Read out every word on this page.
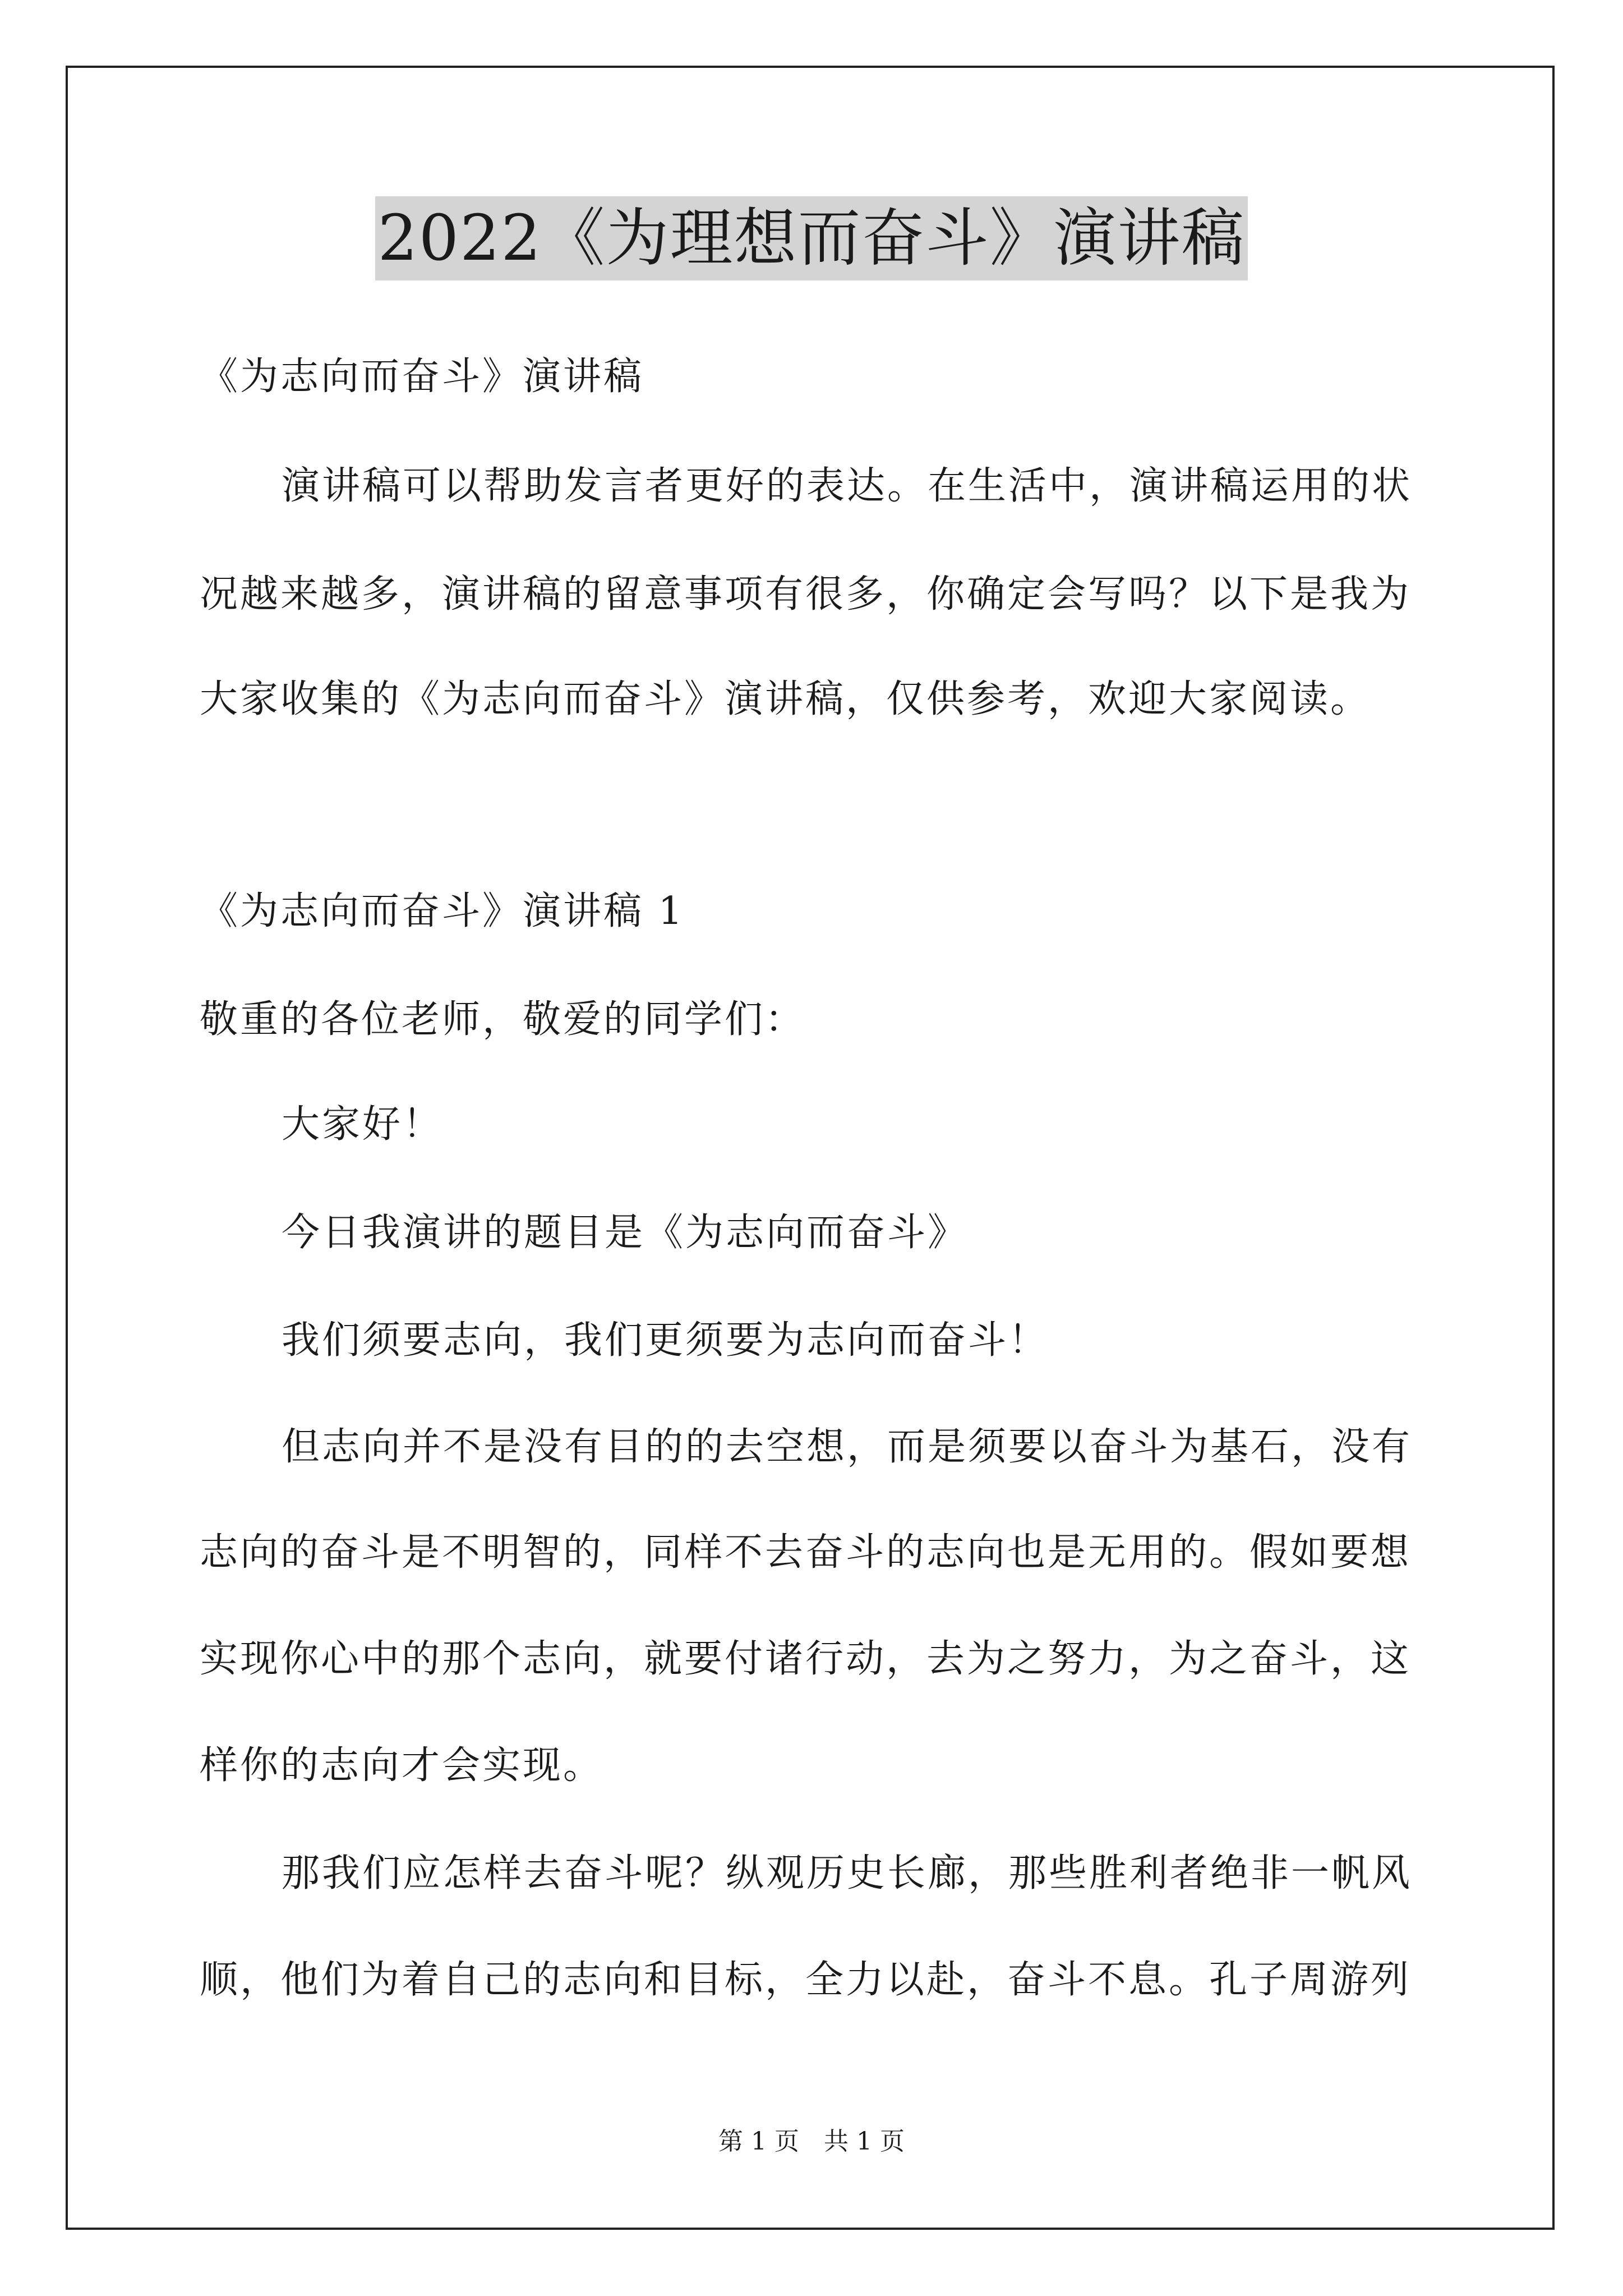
2022《为理想而奋斗》演讲稿
《为志向而奋斗》演讲稿
演讲稿可以帮助发言者更好的表达。在生活中，演讲稿运用的状
况越来越多，演讲稿的留意事项有很多，你确定会写吗？以下是我为
大家收集的《为志向而奋斗》演讲稿，仅供参考，欢迎大家阅读。
《为志向而奋斗》演讲稿 1
敬重的各位老师，敬爱的同学们：
大家好！
今日我演讲的题目是《为志向而奋斗》
我们须要志向，我们更须要为志向而奋斗！
但志向并不是没有目的的去空想，而是须要以奋斗为基石，没有
志向的奋斗是不明智的，同样不去奋斗的志向也是无用的。假如要想
实现你心中的那个志向，就要付诸行动，去为之努力，为之奋斗，这
样你的志向才会实现。
那我们应怎样去奋斗呢？纵观历史长廊，那些胜利者绝非一帆风
顺，他们为着自己的志向和目标，全力以赴，奋斗不息。孔子周游列
第 1 页　共 1 页
